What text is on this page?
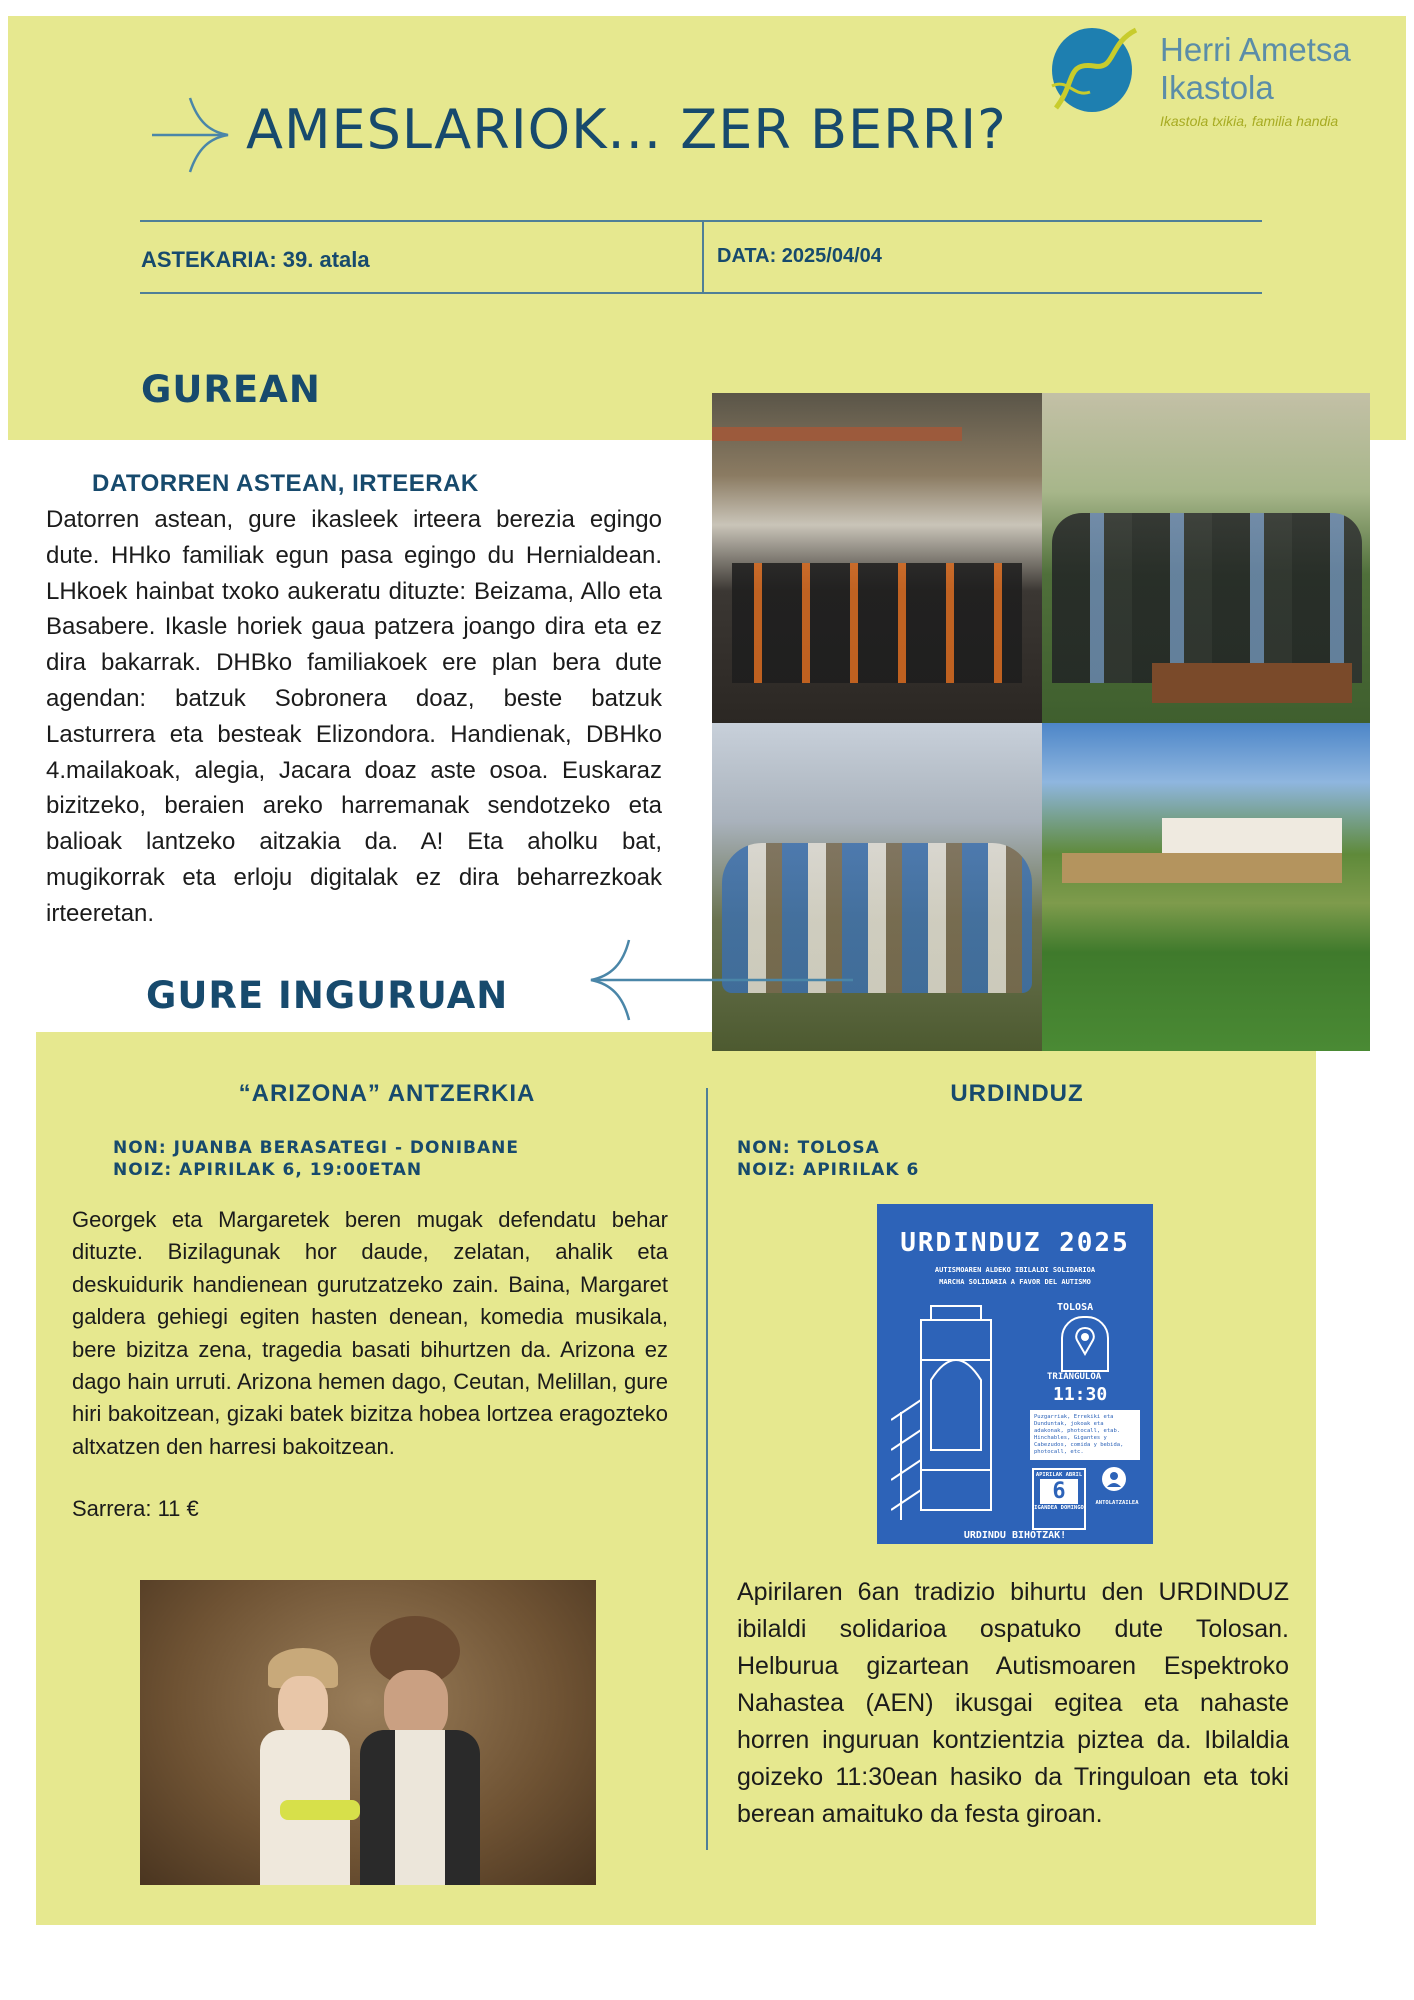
Herri Ametsa
Ikastola
Ikastola txikia, familia handia
AMESLARIOK... ZER BERRI?
ASTEKARIA: 39. atala	DATA: 2025/04/04
GUREAN
DATORREN ASTEAN, IRTEERAK
Datorren astean, gure ikasleek irteera berezia egingo dute. HHko familiak egun pasa egingo du Hernialdean. LHkoek hainbat txoko aukeratu dituzte: Beizama, Allo eta Basabere. Ikasle horiek gaua patzera joango dira eta ez dira bakarrak. DHBko familiakoek ere plan bera dute agendan: batzuk Sobronera doaz, beste batzuk Lasturrera eta besteak Elizondora. Handienak, DBHko 4.mailakoak, alegia, Jacara doaz aste osoa. Euskaraz bizitzeko, beraien areko harremanak sendotzeko eta balioak lantzeko aitzakia da. A! Eta aholku bat, mugikorrak eta erloju digitalak ez dira beharrezkoak irteeretan.
GURE INGURUAN
“ARIZONA” ANTZERKIA
NON: JUANBA BERASATEGI - DONIBANE
NOIZ: APIRILAK 6, 19:00ETAN
Georgek eta Margaretek beren mugak defendatu behar dituzte. Bizilagunak hor daude, zelatan, ahalik eta deskuidurik handienean gurutzatzeko zain. Baina, Margaret galdera gehiegi egiten hasten denean, komedia musikala, bere bizitza zena, tragedia basati bihurtzen da. Arizona ez dago hain urruti. Arizona hemen dago, Ceutan, Melillan, gure hiri bakoitzean, gizaki batek bizitza hobea lortzea eragozteko altxatzen den harresi bakoitzean.
Sarrera: 11 €
URDINDUZ
NON: TOLOSA
NOIZ: APIRILAK 6
URDINDUZ 2025
AUTISMOAREN ALDEKO IBILALDI SOLIDARIOA
MARCHA SOLIDARIA A FAVOR DEL AUTISMO
TOLOSA
TRIANGULOA
11:30
Puzgarriak, Errekiki eta Dunduntak, jokoak eta adakonak, photocall, etab. Hinchables, Gigantes y Cabezudos, comida y bebida, photocall, etc.
APIRILAK ABRIL
6
IGANDEA DOMINGO
ANTOLATZAILEA
URDINDU BIHOTZAK!
Apirilaren 6an tradizio bihurtu den URDINDUZ ibilaldi solidarioa ospatuko dute Tolosan. Helburua gizartean Autismoaren Espektroko Nahastea (AEN) ikusgai egitea eta nahaste horren inguruan kontzientzia piztea da. Ibilaldia goizeko 11:30ean hasiko da Tringuloan eta toki berean amaituko da festa giroan.
